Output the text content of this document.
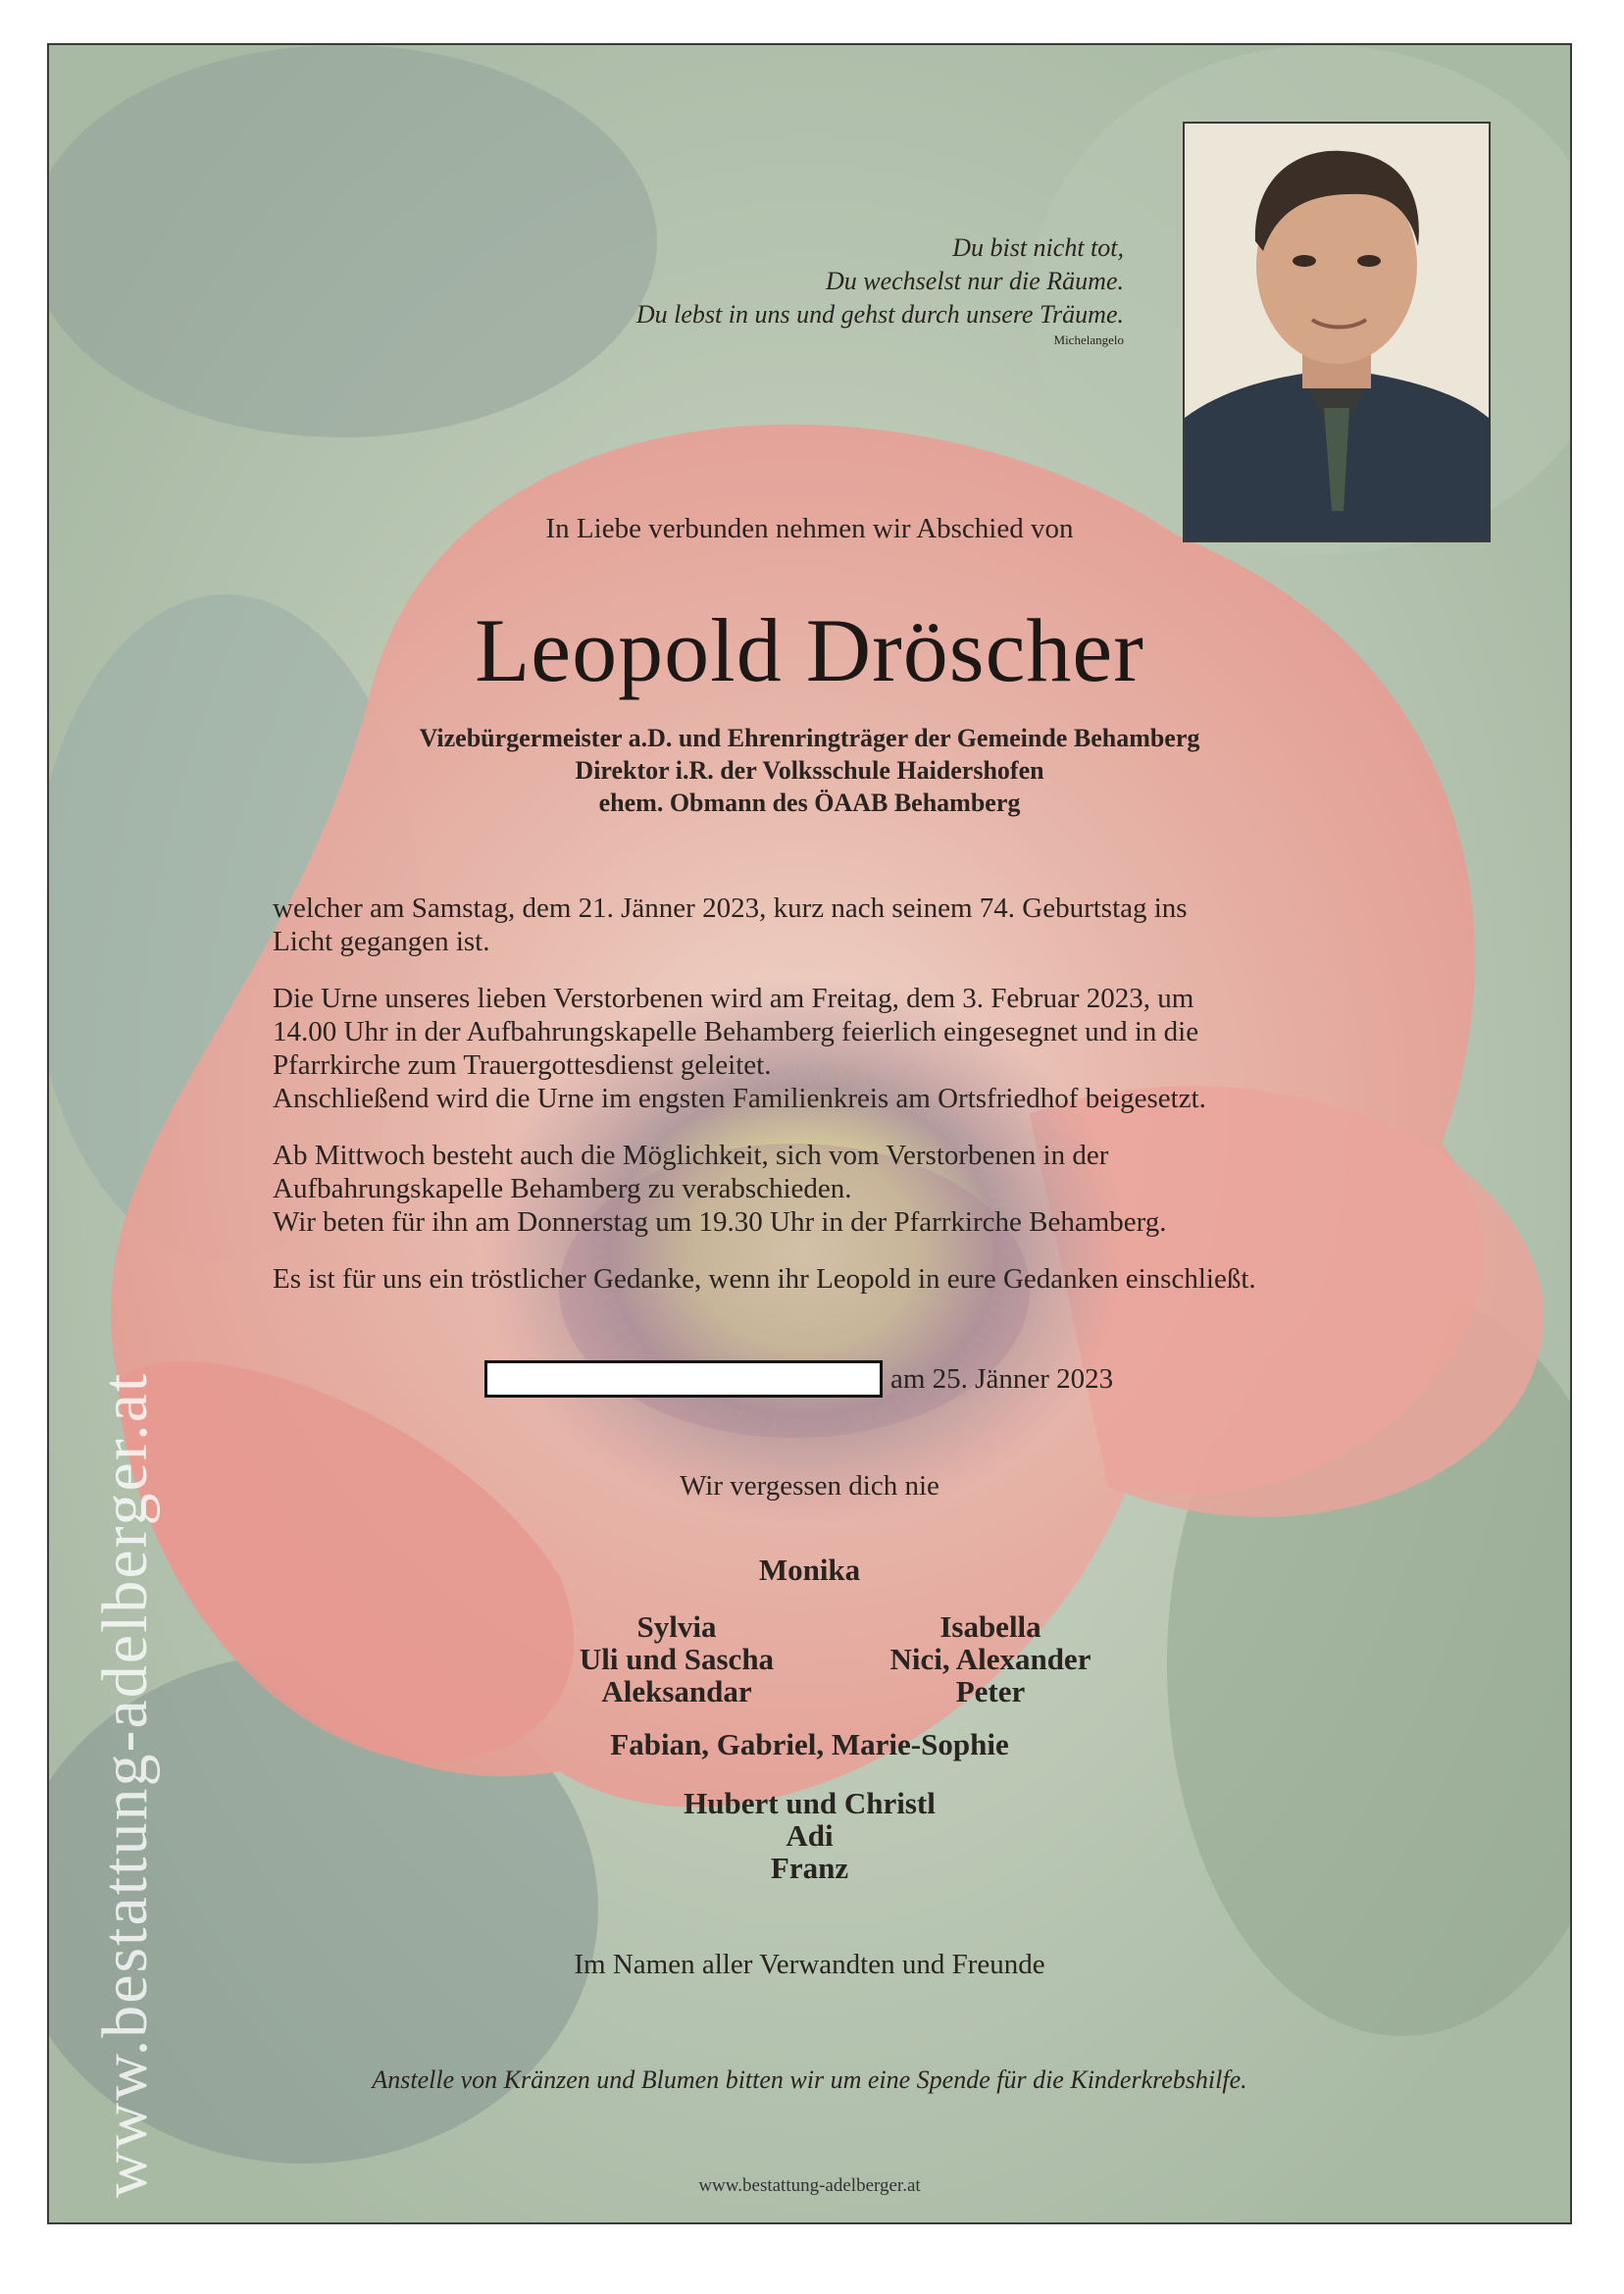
Du bist nicht tot,
Du wechselst nur die Räume.
Du lebst in uns und gehst durch unsere Träume.
Michelangelo
In Liebe verbunden nehmen wir Abschied von
Leopold Dröscher
Vizebürgermeister a.D. und Ehrenringträger der Gemeinde Behamberg
Direktor i.R. der Volksschule Haidershofen
ehem. Obmann des ÖAAB Behamberg

welcher am Samstag, dem 21. Jänner 2023, kurz nach seinem 74. Geburtstag ins
Licht gegangen ist.

Die Urne unseres lieben Verstorbenen wird am Freitag, dem 3. Februar 2023, um
14.00 Uhr in der Aufbahrungskapelle Behamberg feierlich eingesegnet und in die
Pfarrkirche zum Trauergottesdienst geleitet.
Anschließend wird die Urne im engsten Familienkreis am Ortsfriedhof beigesetzt.

Ab Mittwoch besteht auch die Möglichkeit, sich vom Verstorbenen in der
Aufbahrungskapelle Behamberg zu verabschieden.
Wir beten für ihn am Donnerstag um 19.30 Uhr in der Pfarrkirche Behamberg.

Es ist für uns ein tröstlicher Gedanke, wenn ihr Leopold in eure Gedanken einschließt.

am 25. Jänner 2023
Wir vergessen dich nie
Monika
Sylvia
Uli und Sascha
Aleksandar
Isabella
Nici, Alexander
Peter
Fabian, Gabriel, Marie-Sophie
Hubert und Christl
Adi
Franz
Im Namen aller Verwandten und Freunde
Anstelle von Kränzen und Blumen bitten wir um eine Spende für die Kinderkrebshilfe.
www.bestattung-adelberger.at
www.bestattung-adelberger.at
